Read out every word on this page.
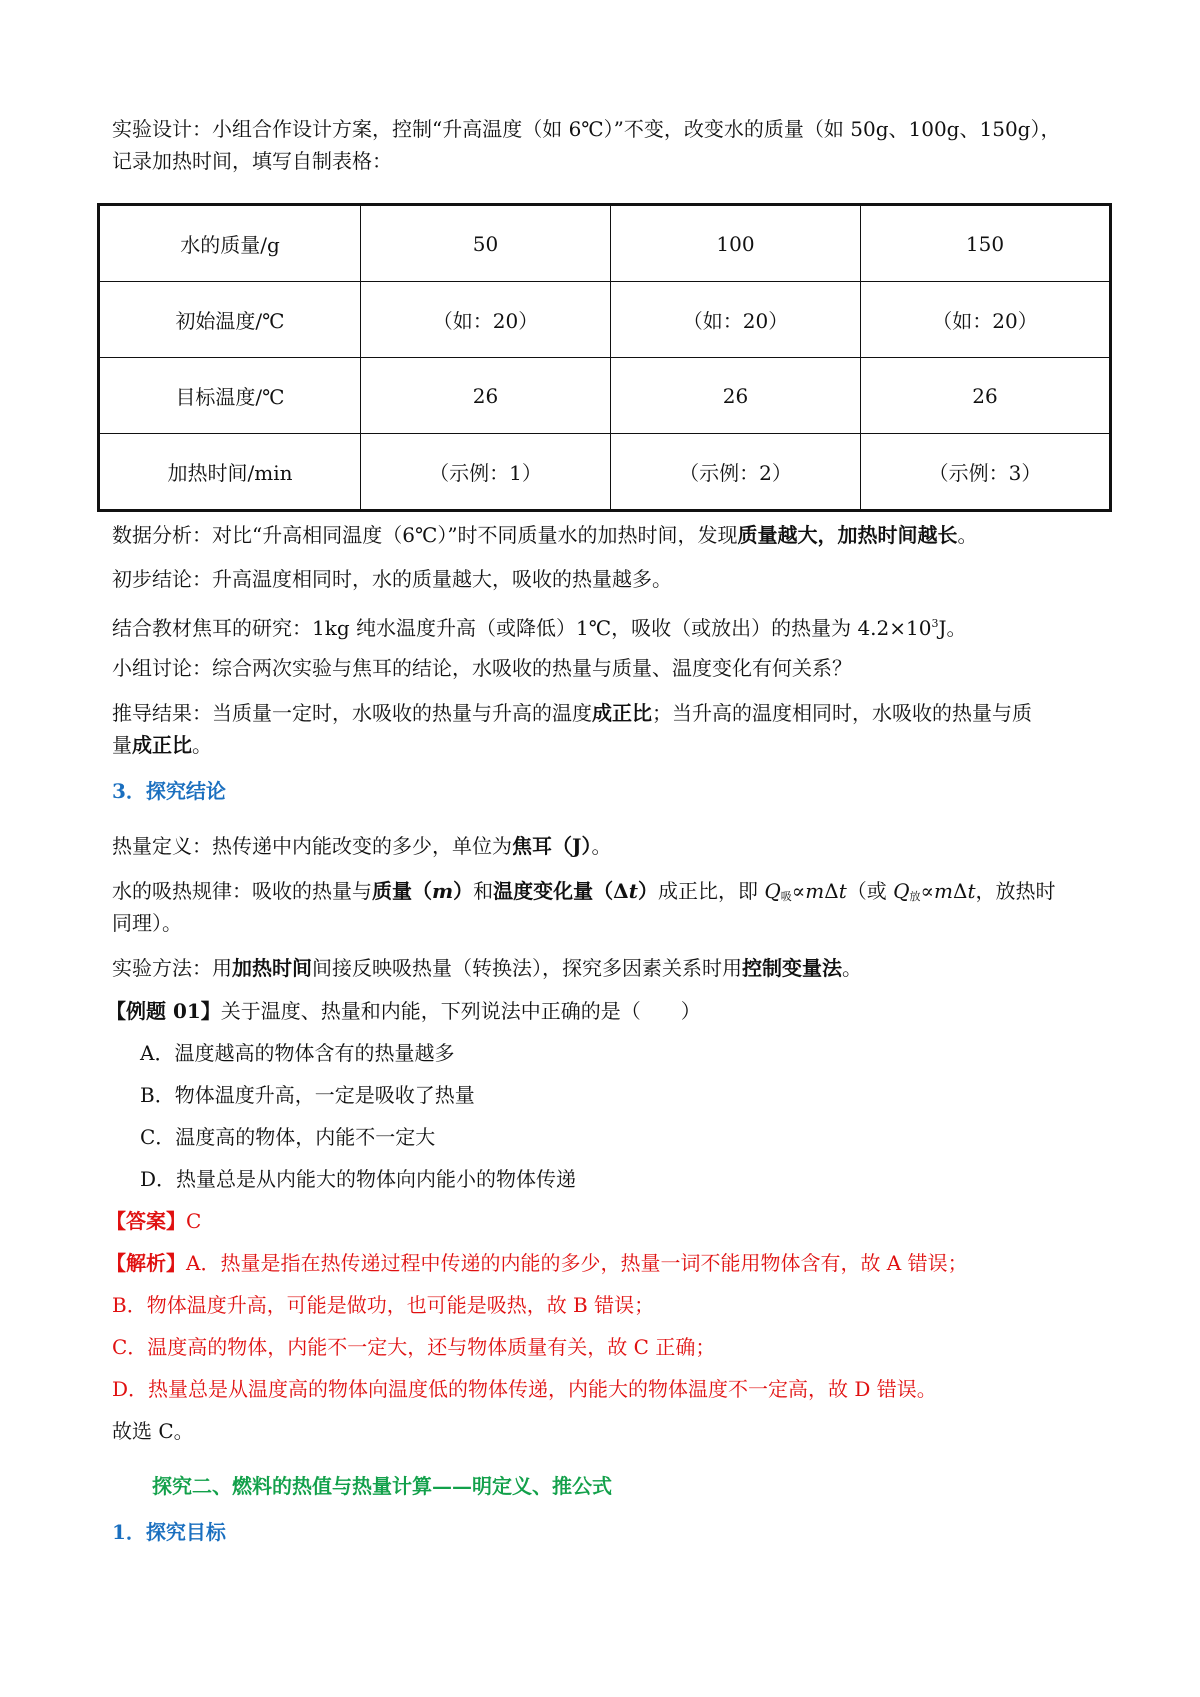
实验设计：小组合作设计方案，控制“升高温度（如 6℃）”不变，改变水的质量（如 50g、100g、150g），

记录加热时间，填写自制表格：

水的质量/g	50	100	150
初始温度/℃	（如：20）	（如：20）	（如：20）
目标温度/℃	26	26	26
加热时间/min	（示例：1）	（示例：2）	（示例：3）

数据分析：对比“升高相同温度（6℃）”时不同质量水的加热时间，发现质量越大，加热时间越长。

初步结论：升高温度相同时，水的质量越大，吸收的热量越多。

结合教材焦耳的研究：1kg 纯水温度升高（或降低）1℃，吸收（或放出）的热量为 $4.2\times 10^3J$。

小组讨论：综合两次实验与焦耳的结论，水吸收的热量与质量、温度变化有何关系？

推导结果：当质量一定时，水吸收的热量与升高的温度成正比；当升高的温度相同时，水吸收的热量与质

量成正比。

3．探究结论

热量定义：热传递中内能改变的多少，单位为焦耳（J）。

水的吸热规律：吸收的热量与质量（m）和温度变化量（Δt）成正比，即 Q吸∝mΔt（或 Q放∝mΔt，放热时

同理）。

实验方法：用加热时间间接反映吸热量（转换法），探究多因素关系时用控制变量法。

【例题 01】关于温度、热量和内能，下列说法中正确的是（　　）

A．温度越高的物体含有的热量越多

B．物体温度升高，一定是吸收了热量

C．温度高的物体，内能不一定大

D．热量总是从内能大的物体向内能小的物体传递

【答案】C

【解析】A．热量是指在热传递过程中传递的内能的多少，热量一词不能用物体含有，故 A 错误；

B．物体温度升高，可能是做功，也可能是吸热，故 B 错误；

C．温度高的物体，内能不一定大，还与物体质量有关，故 C 正确；

D．热量总是从温度高的物体向温度低的物体传递，内能大的物体温度不一定高，故 D 错误。

故选 C。

探究二、燃料的热值与热量计算——明定义、推公式

1．探究目标
